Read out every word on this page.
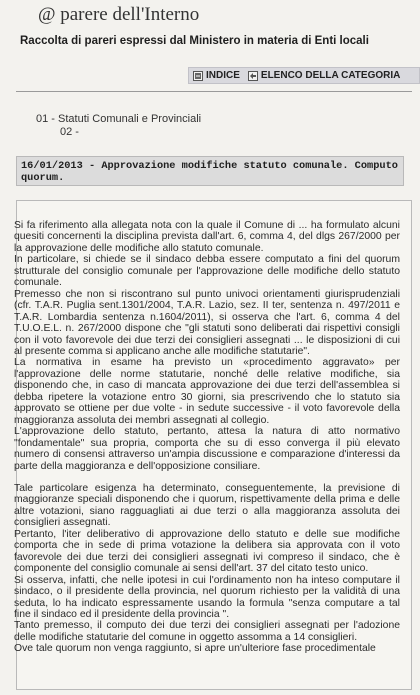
@ parere dell'Interno
Raccolta di pareri espressi dal Ministero in materia di Enti locali
INDICE ELENCO DELLA CATEGORIA
01 - Statuti Comunali e Provinciali
02 -
16/01/2013 - Approvazione modifiche statuto comunale. Computo quorum.

Si fa riferimento alla allegata nota con la quale il Comune di ... ha formulato alcuni quesiti concernenti la disciplina prevista dall'art. 6, comma 4, del dlgs 267/2000 per la approvazione delle modifiche allo statuto comunale.

In particolare, si chiede se il sindaco debba essere computato a fini del quorum strutturale del consiglio comunale per l'approvazione delle modifiche dello statuto comunale.

Premesso che non si riscontrano sul punto univoci orientamenti giurisprudenziali (cfr. T.A.R. Puglia sent.1301/2004, T.A.R. Lazio, sez. II ter, sentenza n. 497/2011 e T.A.R. Lombardia sentenza n.1604/2011), si osserva che l'art. 6, comma 4 del T.U.O.E.L. n. 267/2000 dispone che "gli statuti sono deliberati dai rispettivi consigli con il voto favorevole dei due terzi dei consiglieri assegnati ... le disposizioni di cui al presente comma si applicano anche alle modifiche statutarie".

La normativa in esame ha previsto un «procedimento aggravato» per l'approvazione delle norme statutarie, nonché delle relative modifiche, sia disponendo che, in caso di mancata approvazione dei due terzi dell'assemblea si debba ripetere la votazione entro 30 giorni, sia prescrivendo che lo statuto sia approvato se ottiene per due volte - in sedute successive - il voto favorevole della maggioranza assoluta dei membri assegnati al collegio.

L'approvazione dello statuto, pertanto, attesa la natura di atto normativo "fondamentale" sua propria, comporta che su di esso converga il più elevato numero di consensi attraverso un'ampia discussione e comparazione d'interessi da parte della maggioranza e dell'opposizione consiliare.

Tale particolare esigenza ha determinato, conseguentemente, la previsione di maggioranze speciali disponendo che i quorum, rispettivamente della prima e delle altre votazioni, siano ragguagliati ai due terzi o alla maggioranza assoluta dei consiglieri assegnati.

Pertanto, l'iter deliberativo di approvazione dello statuto e delle sue modifiche comporta che in sede di prima votazione la delibera sia approvata con il voto favorevole dei due terzi dei consiglieri assegnati ivi compreso il sindaco, che è componente del consiglio comunale ai sensi dell'art. 37 del citato testo unico.

Si osserva, infatti, che nelle ipotesi in cui l'ordinamento non ha inteso computare il sindaco, o il presidente della provincia, nel quorum richiesto per la validità di una seduta, lo ha indicato espressamente usando la formula "senza computare a tal fine il sindaco ed il presidente della provincia ".

Tanto premesso, il computo dei due terzi dei consiglieri assegnati per l'adozione delle modifiche statutarie del comune in oggetto assomma a 14 consiglieri.

Ove tale quorum non venga raggiunto, si apre un'ulteriore fase procedimentale
